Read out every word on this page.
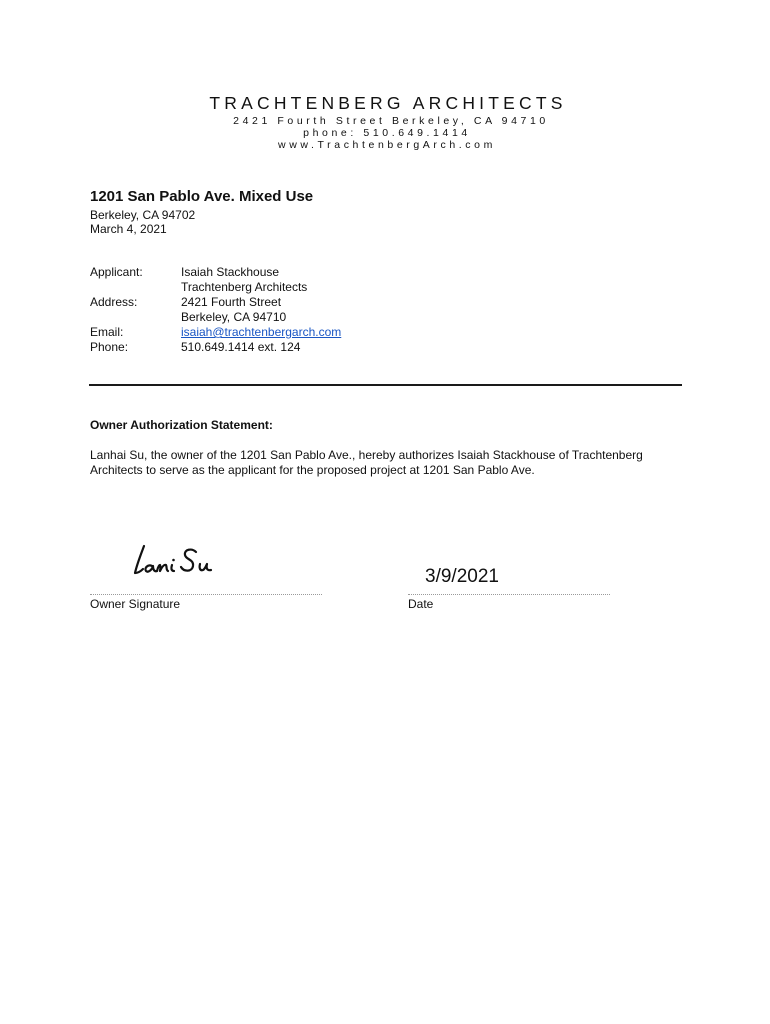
TRACHTENBERG ARCHITECTS
2421 Fourth Street Berkeley, CA 94710
phone: 510.649.1414
www.TrachtenbergArch.com
1201 San Pablo Ave. Mixed Use
Berkeley, CA 94702
March 4, 2021
Applicant:	Isaiah Stackhouse
Trachtenberg Architects
Address:	2421 Fourth Street
Berkeley, CA 94710
Email:	isaiah@trachtenbergarch.com
Phone:	510.649.1414 ext. 124
Owner Authorization Statement:
Lanhai Su, the owner of the 1201 San Pablo Ave., hereby authorizes Isaiah Stackhouse of Trachtenberg
Architects to serve as the applicant for the proposed project at 1201 San Pablo Ave.
3/9/2021
Owner Signature	Date
